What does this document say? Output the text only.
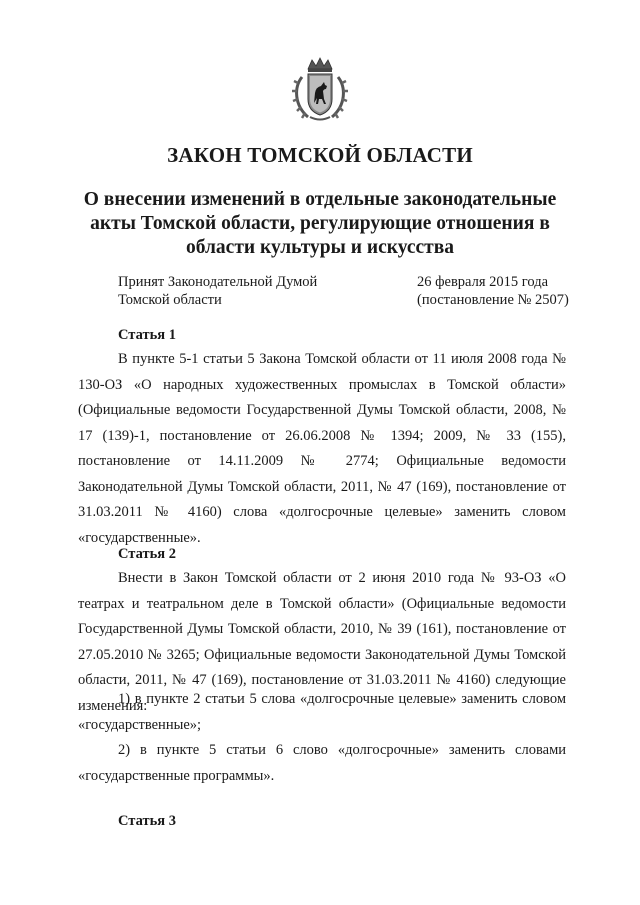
ЗАКОН ТОМСКОЙ ОБЛАСТИ
О внесении изменений в отдельные законодательные акты Томской области, регулирующие отношения в области культуры и искусства
Принят Законодательной Думой
Томской области
26 февраля 2015 года
(постановление № 2507)
Статья 1
В пункте 5-1 статьи 5 Закона Томской области от 11 июля 2008 года № 130-ОЗ «О народных художественных промыслах в Томской области» (Официальные ведомости Государственной Думы Томской области, 2008, № 17 (139)-1, постановление от 26.06.2008 № 1394; 2009, № 33 (155), постановление от 14.11.2009 № 2774; Официальные ведомости Законодательной Думы Томской области, 2011, № 47 (169), постановление от 31.03.2011 № 4160) слова «долгосрочные целевые» заменить словом «государственные».
Статья 2
Внести в Закон Томской области от 2 июня 2010 года № 93-ОЗ «О театрах и театральном деле в Томской области» (Официальные ведомости Государственной Думы Томской области, 2010, № 39 (161), постановление от 27.05.2010 № 3265; Официальные ведомости Законодательной Думы Томской области, 2011, № 47 (169), постановление от 31.03.2011 № 4160) следующие изменения:
1) в пункте 2 статьи 5 слова «долгосрочные целевые» заменить словом «государственные»;
2) в пункте 5 статьи 6 слово «долгосрочные» заменить словами «государственные программы».
Статья 3
